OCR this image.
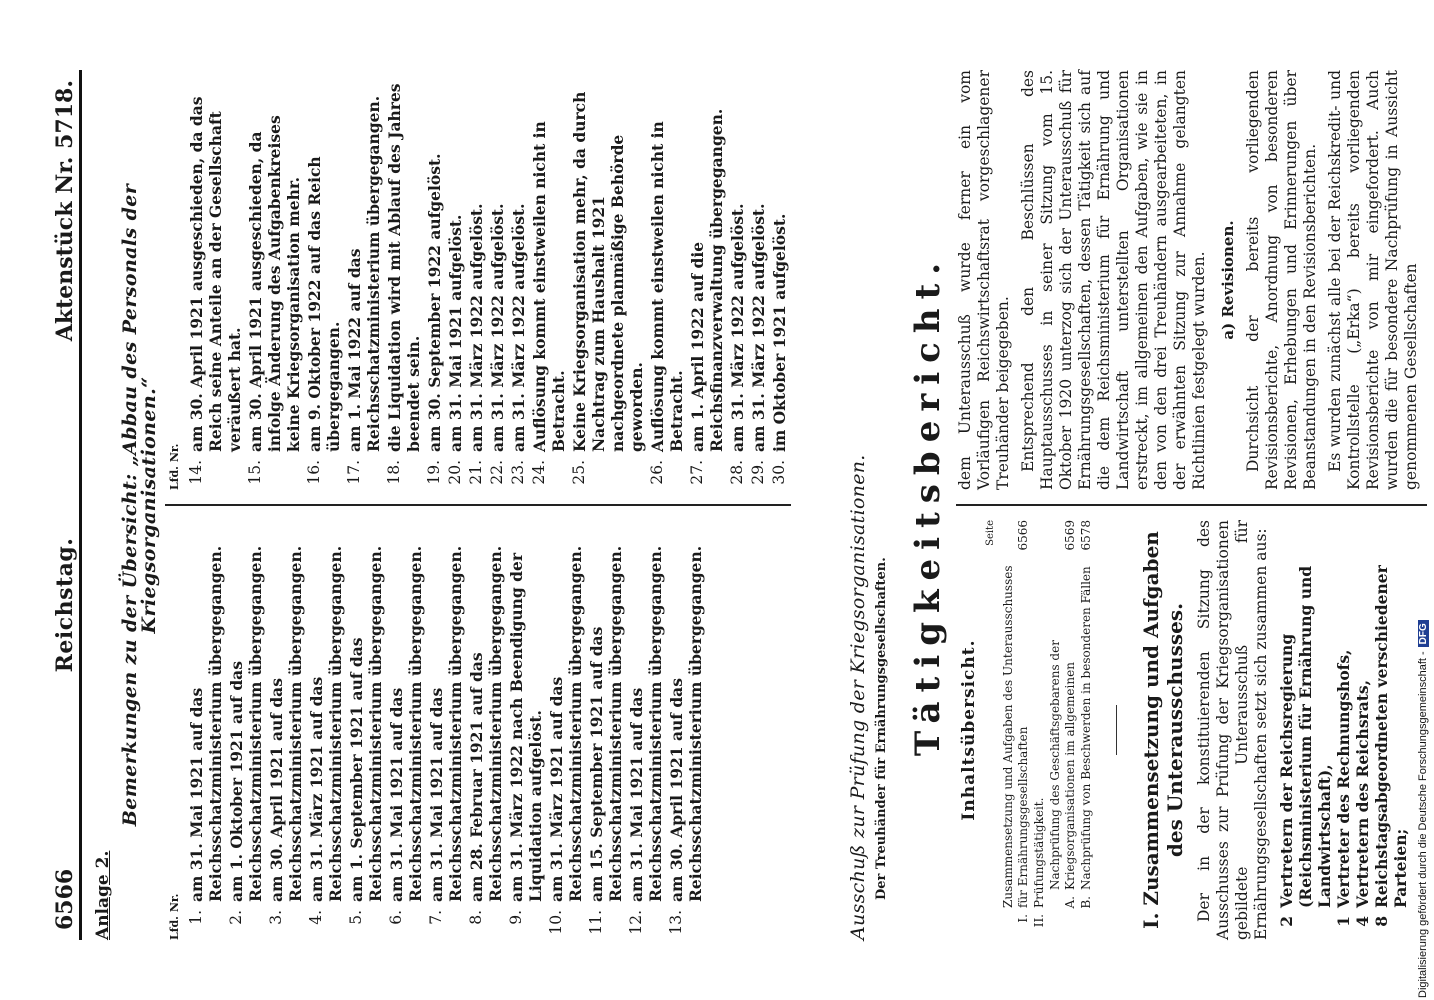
6566
Reichstag.
Aktenstück Nr. 5718.
Anlage 2.
Bemerkungen zu der Übersicht: „Abbau des Personals der Kriegsorganisationen.“
Lfd. Nr. 1.
am 31. Mai 1921 auf das Reichsschatzministerium übergegangen.
2.
am 1. Oktober 1921 auf das Reichsschatzministerium übergegangen.
3.
am 30. April 1921 auf das Reichsschatzministerium übergegangen.
4.
am 31. März 1921 auf das Reichsschatzministerium übergegangen.
5.
am 1. September 1921 auf das Reichsschatzministerium übergegangen.
6.
am 31. Mai 1921 auf das Reichsschatzministerium übergegangen.
7.
am 31. Mai 1921 auf das Reichsschatzministerium übergegangen.
8.
am 28. Februar 1921 auf das Reichsschatzministerium übergegangen.
9.
am 31. März 1922 nach Beendigung der Liquidation aufgelöst.
10.
am 31. März 1921 auf das Reichsschatzministerium übergegangen.
11.
am 15. September 1921 auf das Reichsschatzministerium übergegangen.
12.
am 31. Mai 1921 auf das Reichsschatzministerium übergegangen.
13.
am 30. April 1921 auf das Reichsschatzministerium übergegangen.
Lfd. Nr. 14.
am 30. April 1921 ausgeschieden, da das Reich seine Anteile an der Gesellschaft veräußert hat.
15.
am 30. April 1921 ausgeschieden, da infolge Änderung des Aufgabenkreises keine Kriegsorganisation mehr.
16.
am 9. Oktober 1922 auf das Reich übergegangen.
17.
am 1. Mai 1922 auf das Reichsschatzministerium übergegangen.
18.
die Liquidation wird mit Ablauf des Jahres beendet sein.
19.
am 30. September 1922 aufgelöst.
20.
am 31. Mai 1921 aufgelöst.
21.
am 31. März 1922 aufgelöst.
22.
am 31. März 1922 aufgelöst.
23.
am 31. März 1922 aufgelöst.
24.
Auflösung kommt einstweilen nicht in Betracht.
25.
Keine Kriegsorganisation mehr, da durch Nachtrag zum Haushalt 1921 nachgeordnete planmäßige Behörde geworden.
26.
Auflösung kommt einstweilen nicht in Betracht.
27.
am 1. April 1922 auf die Reichsfinanzverwaltung übergegangen.
28.
am 31. März 1922 aufgelöst.
29.
am 31. März 1922 aufgelöst.
30.
im Oktober 1921 aufgelöst.
Ausschuß zur Prüfung der Kriegsorganisationen. Der Treuhänder für Ernährungsgesellschaften. Tätigkeitsbericht. Inhaltsübersicht.
Seite
I.
Zusammensetzung und Aufgaben des Unterausschusses für Ernährungsgesellschaften
6566
II.
Prüfungstätigkeit. A.
Nachprüfung des Geschäftsgebarens der Kriegsorganisationen im allgemeinen
6569
B.
Nachprüfung von Beschwerden in besonderen Fällen
6578 I. Zusammensetzung und Aufgaben des Unterausschusses. Der in der konstituierenden Sitzung des Ausschusses zur Prüfung der Kriegsorganisationen gebildete Unterausschuß für Ernährungsgesellschaften setzt sich zusammen aus: 2
Vertretern der Reichsregierung (Reichsministerium für Ernährung und Landwirtschaft),
1
Vertreter des Rechnungshofs,
4
Vertretern des Reichsrats,
8
Reichstagsabgeordneten verschiedener Parteien;

dem Unterausschuß wurde ferner ein vom Vorläufigen Reichswirtschaftsrat vorgeschlagener Treuhänder beigegeben. Entsprechend den Beschlüssen des Hauptausschusses in seiner Sitzung vom 15. Oktober 1920 unterzog sich der Unterausschuß für Ernährungsgesellschaften, dessen Tätigkeit sich auf die dem Reichsministerium für Ernährung und Landwirtschaft unterstellten Organisationen erstreckt, im allgemeinen den Aufgaben, wie sie in den von den drei Treuhändern ausgearbeiteten, in der erwähnten Sitzung zur Annahme gelangten Richtlinien festgelegt wurden. a) Revisionen. Durchsicht der bereits vorliegenden Revisionsberichte, Anordnung von besonderen Revisionen, Erhebungen und Erinnerungen über Beanstandungen in den Revisionsberichten. Es wurden zunächst alle bei der Reichskredit- und Kontrollstelle („Erka“) bereits vorliegenden Revisionsberichte von mir eingefordert. Auch wurden die für besondere Nachprüfung in Aussicht genommenen Gesellschaften

Digitalisierung gefördert durch die Deutsche Forschungsgemeinschaft -
DFG
